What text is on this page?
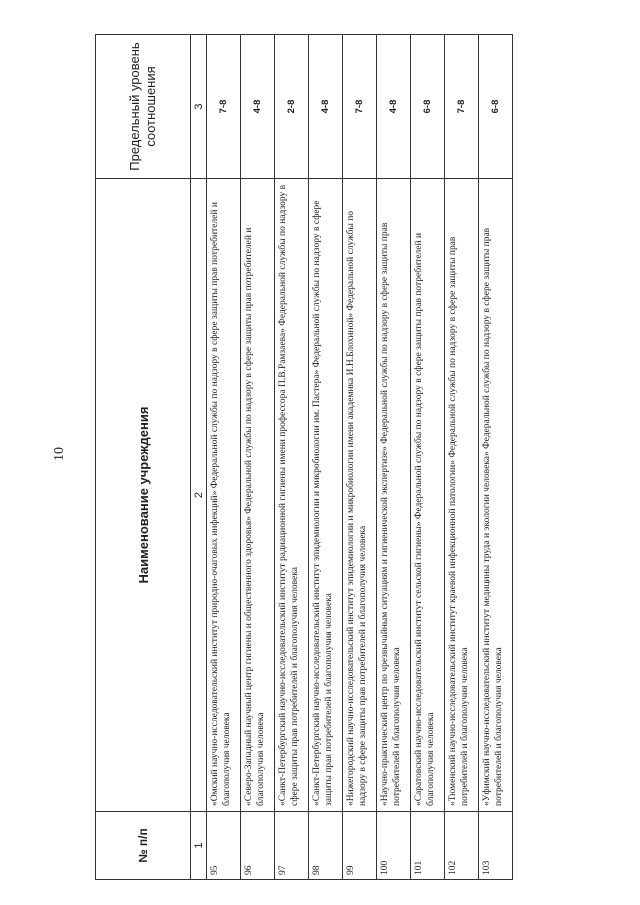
10
№ п/п	Наименование учреждения	Предельный уровень соотношения
1	2	3
95	«Омский научно-исследовательский институт природно-очаговых инфекций» Федеральной службы по надзору в сфере защиты прав потребителей и благополучия человека	7-8
96	«Северо-Западный научный центр гигиены и общественного здоровья» Федеральной службы по надзору в сфере защиты прав потребителей и благополучия человека	4-8
97	«Санкт-Петербургский научно-исследовательский институт радиационной гигиены имени профессора П.В.Рамзаева» Федеральной службы по надзору в сфере защиты прав потребителей и благополучия человека	2-8
98	«Санкт-Петербургский научно-исследовательский институт эпидемиологии и микробиологии им. Пастера» Федеральной службы по надзору в сфере защиты прав потребителей и благополучия человека	4-8
99	«Нижегородский научно-исследовательский институт эпидемиологии и микробиологии имени академика И.Н.Блохиной» Федеральной службы по надзору в сфере защиты прав потребителей и благополучия человека	7-8
100	«Научно-практический центр по чрезвычайным ситуациям и гигиенической экспертизе» Федеральной службы по надзору в сфере защиты прав потребителей и благополучия человека	4-8
101	«Саратовский научно-исследовательский институт сельской гигиены» Федеральной службы по надзору в сфере защиты прав потребителей и благополучия человека	6-8
102	«Тюменский научно-исследовательский институт краевой инфекционной патологии» Федеральной службы по надзору в сфере защиты прав потребителей и благополучия человека	7-8
103	«Уфимский научно-исследовательский институт медицины труда и экологии человека» Федеральной службы по надзору в сфере защиты прав потребителей и благополучия человека	6-8
